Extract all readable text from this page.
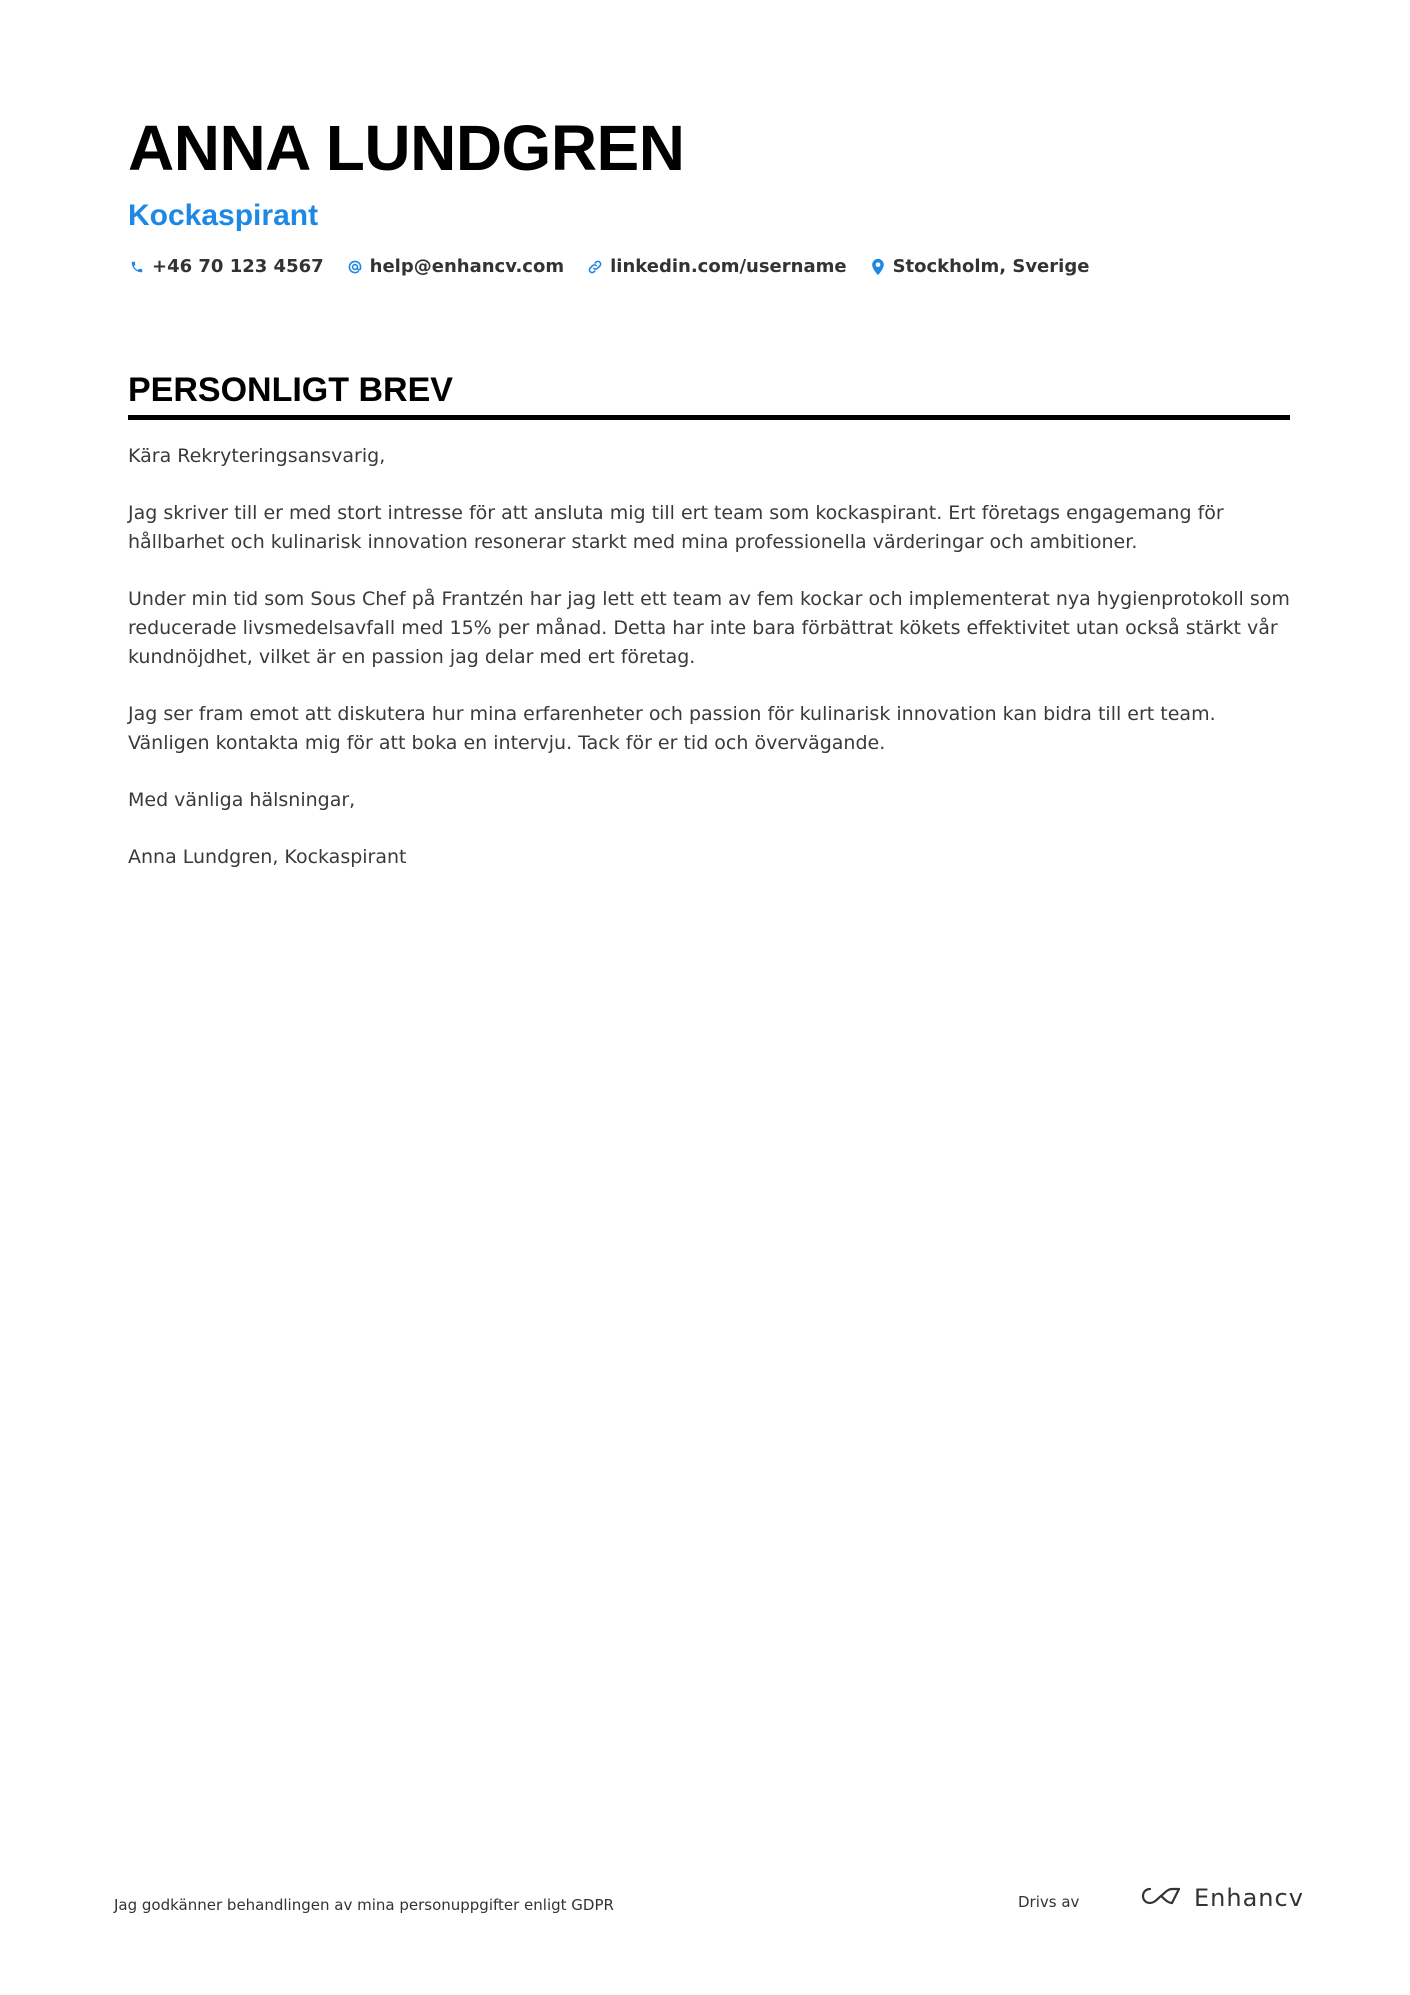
ANNA LUNDGREN
Kockaspirant
+46 70 123 4567	help@enhancv.com	linkedin.com/username	Stockholm, Sverige
PERSONLIGT BREV

Kära Rekryteringsansvarig,

Jag skriver till er med stort intresse för att ansluta mig till ert team som kockaspirant. Ert företags engagemang för hållbarhet och kulinarisk innovation resonerar starkt med mina professionella värderingar och ambitioner.

Under min tid som Sous Chef på Frantzén har jag lett ett team av fem kockar och implementerat nya hygienprotokoll som reducerade livsmedelsavfall med 15% per månad. Detta har inte bara förbättrat kökets effektivitet utan också stärkt vår kundnöjdhet, vilket är en passion jag delar med ert företag.

Jag ser fram emot att diskutera hur mina erfarenheter och passion för kulinarisk innovation kan bidra till ert team. Vänligen kontakta mig för att boka en intervju. Tack för er tid och övervägande.

Med vänliga hälsningar,

Anna Lundgren, Kockaspirant

Jag godkänner behandlingen av mina personuppgifter enligt GDPR	Drivs av	Enhancv
